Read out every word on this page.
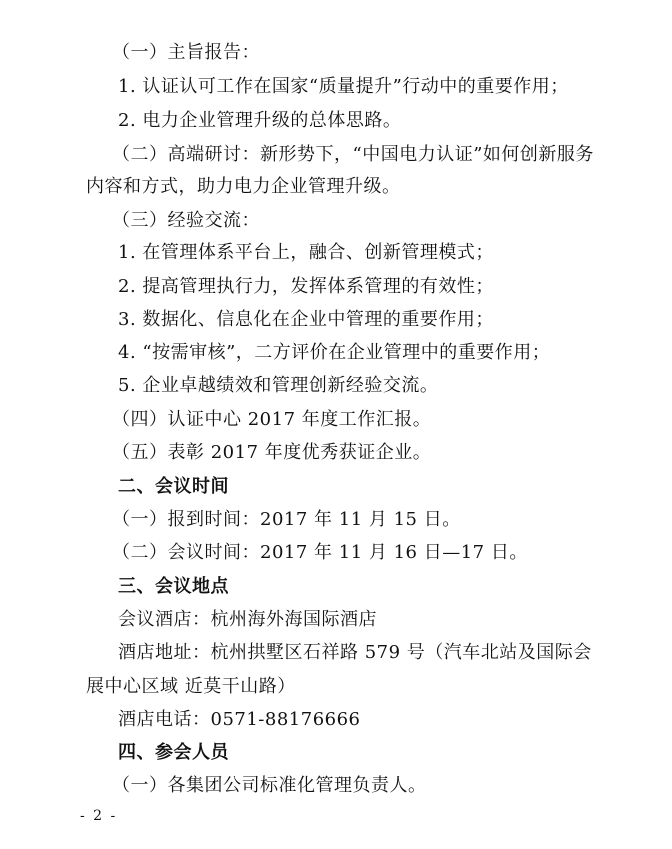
（一）主旨报告：
1. 认证认可工作在国家“质量提升”行动中的重要作用；
2. 电力企业管理升级的总体思路。
（二）高端研讨：新形势下，“中国电力认证”如何创新服务
内容和方式，助力电力企业管理升级。
（三）经验交流：
1. 在管理体系平台上，融合、创新管理模式；
2. 提高管理执行力，发挥体系管理的有效性；
3. 数据化、信息化在企业中管理的重要作用；
4. “按需审核”，二方评价在企业管理中的重要作用；
5. 企业卓越绩效和管理创新经验交流。
（四）认证中心 2017 年度工作汇报。
（五）表彰 2017 年度优秀获证企业。
二、会议时间
（一）报到时间：2017 年 11 月 15 日。
（二）会议时间：2017 年 11 月 16 日—17 日。
三、会议地点
会议酒店：杭州海外海国际酒店
酒店地址：杭州拱墅区石祥路 579 号（汽车北站及国际会
展中心区域 近莫干山路）
酒店电话：0571-88176666
四、参会人员
（一）各集团公司标准化管理负责人。
- 2 -
